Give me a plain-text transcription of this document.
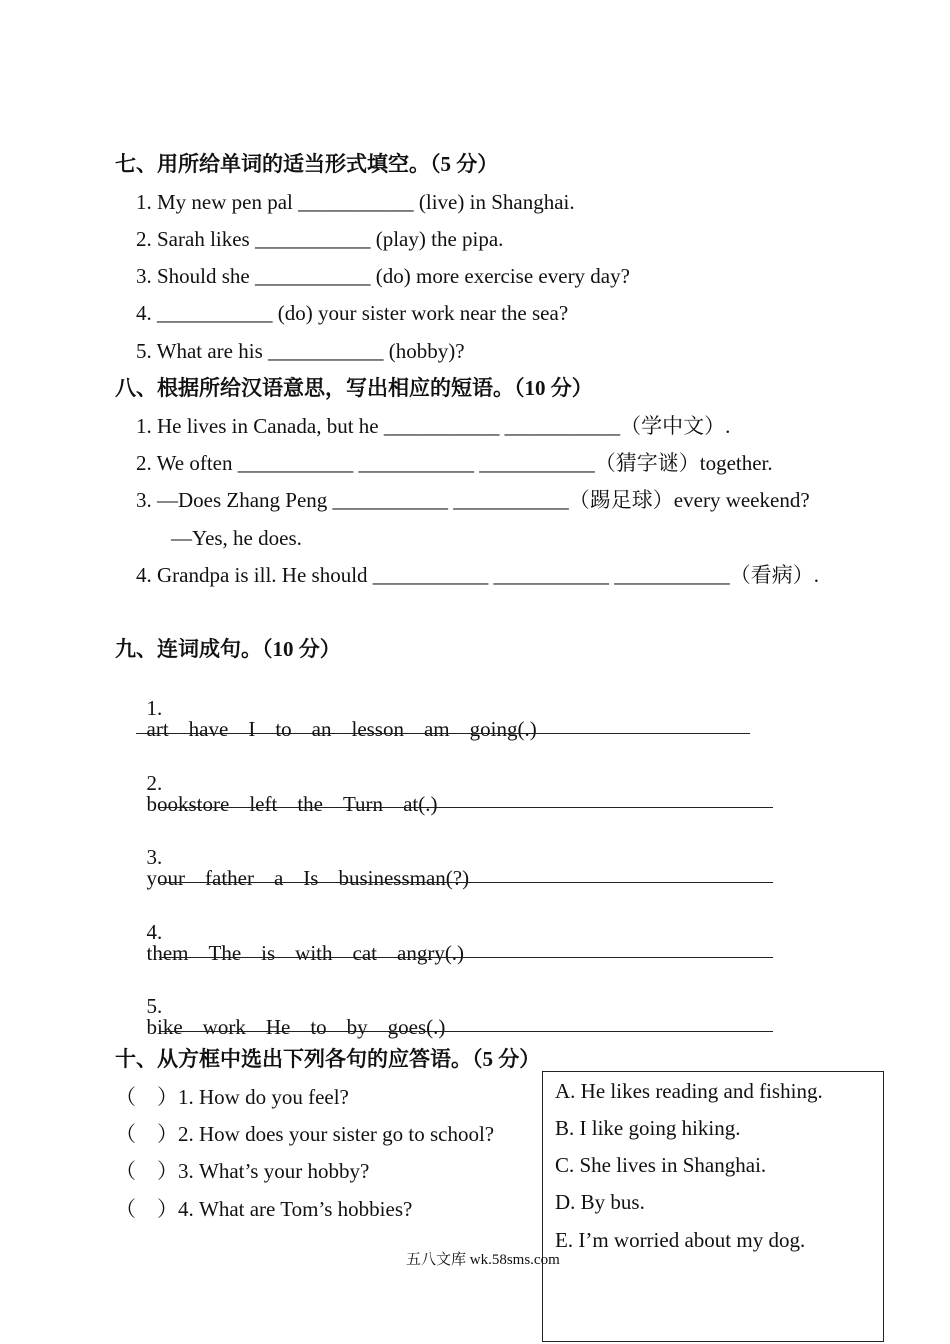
七、用所给单词的适当形式填空。（5 分）
1. My new pen pal ___________ (live) in Shanghai.
2. Sarah likes ___________ (play) the pipa.
3. Should she ___________ (do) more exercise every day?
4. ___________ (do) your sister work near the sea?
5. What are his ___________ (hobby)?
八、根据所给汉语意思，写出相应的短语。（10 分）
1. He lives in Canada, but he ___________ ___________（学中文）.
2. We often ___________ ___________ ___________（猜字谜）together.
3. —Does Zhang Peng ___________ ___________（踢足球）every weekend?
—Yes, he does.
4. Grandpa is ill. He should ___________ ___________ ___________（看病）.
九、连词成句。（10 分）

1.
art have I to an lesson am going(.)

2.
bookstore left the Turn at(.)

3.
your father a Is businessman(?)

4.
them The is with cat angry(.)

5.
bike work He to by goes(.)

十、从方框中选出下列各句的应答语。（5 分）
（    ）1. How do you feel?
（    ）2. How does your sister go to school?
（    ）3. What’s your hobby?
（    ）4. What are Tom’s hobbies?
A. He likes reading and fishing.
B. I like going hiking.
C. She lives in Shanghai.
D. By bus.
E. I’m worried about my dog.
五八文库 wk.58sms.com
